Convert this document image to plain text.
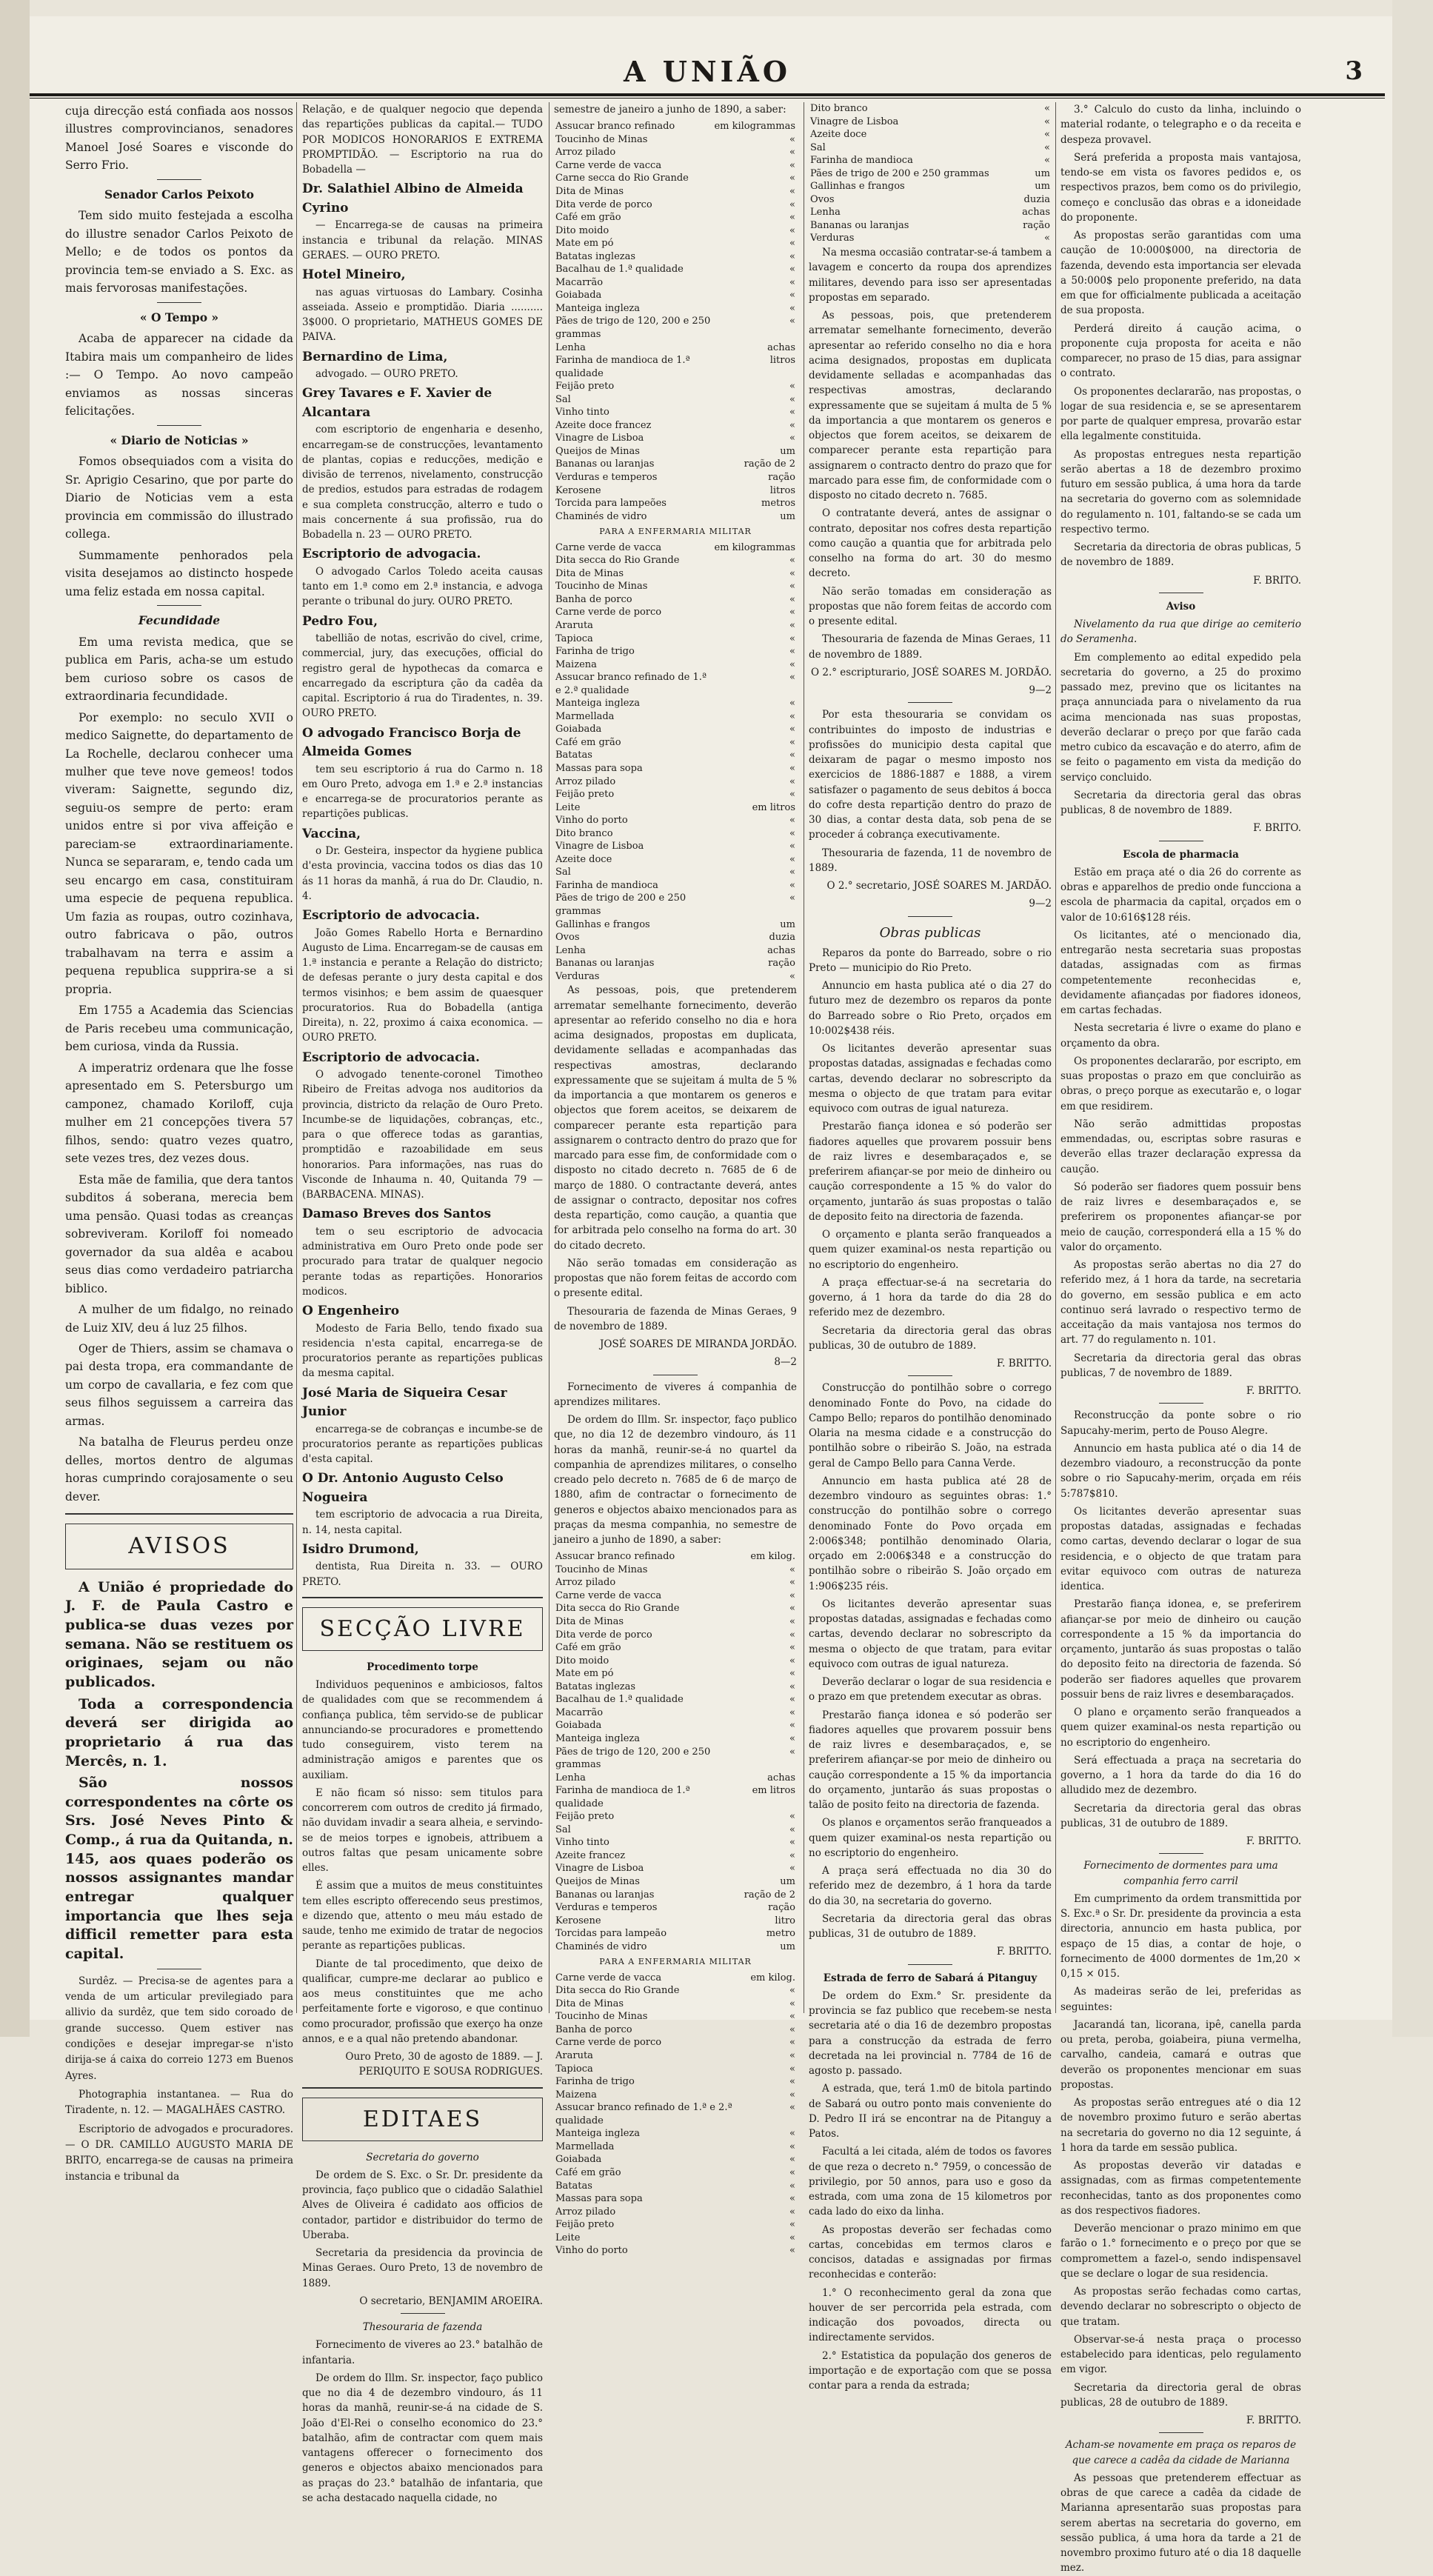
A UNIÃO	3

cuja direcção está confiada aos nossos illustres comprovincianos, senadores Manoel José Soares e visconde do Serro Frio.

Senador Carlos Peixoto

Tem sido muito festejada a escolha do illustre senador Carlos Peixoto de Mello; e de todos os pontos da provincia tem-se enviado a S. Exc. as mais fervorosas manifestações.

« O Tempo »

Acaba de apparecer na cidade da Itabira mais um companheiro de lides :— O Tempo. Ao novo campeão enviamos as nossas sinceras felicitações.

« Diario de Noticias »

Fomos obsequiados com a visita do Sr. Aprigio Cesarino, que por parte do Diario de Noticias vem a esta provincia em commissão do illustrado collega.

Summamente penhorados pela visita desejamos ao distincto hospede uma feliz estada em nossa capital.

Fecundidade

Em uma revista medica, que se publica em Paris, acha-se um estudo bem curioso sobre os casos de extraordinaria fecundidade.

Por exemplo: no seculo XVII o medico Saignette, do departamento de La Rochelle, declarou conhecer uma mulher que teve nove gemeos! todos viveram: Saignette, segundo diz, seguiu-os sempre de perto: eram unidos entre si por viva affeição e pareciam-se extraordinariamente. Nunca se separaram, e, tendo cada um seu encargo em casa, constituiram uma especie de pequena republica. Um fazia as roupas, outro cozinhava, outro fabricava o pão, outros trabalhavam na terra e assim a pequena republica supprira-se a si propria.

Em 1755 a Academia das Sciencias de Paris recebeu uma communicação, bem curiosa, vinda da Russia.

A imperatriz ordenara que lhe fosse apresentado em S. Petersburgo um camponez, chamado Koriloff, cuja mulher em 21 concepções tivera 57 filhos, sendo: quatro vezes quatro, sete vezes tres, dez vezes dous.

Esta mãe de familia, que dera tantos subditos á soberana, merecia bem uma pensão. Quasi todas as creanças sobreviveram. Koriloff foi nomeado governador da sua aldêa e acabou seus dias como verdadeiro patriarcha biblico.

A mulher de um fidalgo, no reinado de Luiz XIV, deu á luz 25 filhos.

Oger de Thiers, assim se chamava o pai desta tropa, era commandante de um corpo de cavallaria, e fez com que seus filhos seguissem a carreira das armas.

Na batalha de Fleurus perdeu onze delles, mortos dentro de algumas horas cumprindo corajosamente o seu dever.

AVISOS

A União é propriedade do J. F. de Paula Castro e publica-se duas vezes por semana. Não se restituem os originaes, sejam ou não publicados.

Toda a correspondencia deverá ser dirigida ao proprietario á rua das Mercês, n. 1.

São nossos correspondentes na côrte os Srs. José Neves Pinto & Comp., á rua da Quitanda, n. 145, aos quaes poderão os nossos assignantes mandar entregar qualquer importancia que lhes seja difficil remetter para esta capital.

Surdêz. — Precisa-se de agentes para a venda de um articular previlegiado para allivio da surdêz, que tem sido coroado de grande successo. Quem estiver nas condições e desejar impregar-se n'isto dirija-se á caixa do correio 1273 em Buenos Ayres.

Photographia instantanea. — Rua do Tiradente, n. 12. — MAGALHÃES CASTRO.

Escriptorio de advogados e procuradores. — O DR. CAMILLO AUGUSTO MARIA DE BRITO, encarrega-se de causas na primeira instancia e tribunal da

Relação, e de qualquer negocio que dependa das repartições publicas da capital.— TUDO POR MODICOS HONORARIOS E EXTREMA PROMPTIDÃO. — Escriptorio na rua do Bobadella —

Dr. Salathiel Albino de Almeida Cyrino

— Encarrega-se de causas na primeira instancia e tribunal da relação. MINAS GERAES. — OURO PRETO.

Hotel Mineiro,

nas aguas virtuosas do Lambary. Cosinha asseiada. Asseio e promptidão. Diaria .......... 3$000. O proprietario, MATHEUS GOMES DE PAIVA.

Bernardino de Lima,

advogado. — OURO PRETO.

Grey Tavares e F. Xavier de Alcantara

com escriptorio de engenharia e desenho, encarregam-se de construcções, levantamento de plantas, copias e reducções, medição e divisão de terrenos, nivelamento, construcção de predios, estudos para estradas de rodagem e sua completa construcção, alterro e tudo o mais concernente á sua profissão, rua do Bobadella n. 23 — OURO PRETO.

Escriptorio de advogacia.

O advogado Carlos Toledo aceita causas tanto em 1.ª como em 2.ª instancia, e advoga perante o tribunal do jury. OURO PRETO.

Pedro Fou,

tabellião de notas, escrivão do civel, crime, commercial, jury, das execuções, official do registro geral de hypothecas da comarca e encarregado da escriptura ção da cadêa da capital. Escriptorio á rua do Tiradentes, n. 39. OURO PRETO.

O advogado Francisco Borja de Almeida Gomes

tem seu escriptorio á rua do Carmo n. 18 em Ouro Preto, advoga em 1.ª e 2.ª instancias e encarrega-se de procuratorios perante as repartições publicas.

Vaccina,

o Dr. Gesteira, inspector da hygiene publica d'esta provincia, vaccina todos os dias das 10 ás 11 horas da manhã, á rua do Dr. Claudio, n. 4.

Escriptorio de advocacia.

João Gomes Rabello Horta e Bernardino Augusto de Lima. Encarregam-se de causas em 1.ª instancia e perante a Relação do districto; de defesas perante o jury desta capital e dos termos visinhos; e bem assim de quaesquer procuratorios. Rua do Bobadella (antiga Direita), n. 22, proximo á caixa economica. — OURO PRETO.

Escriptorio de advocacia.

O advogado tenente-coronel Timotheo Ribeiro de Freitas advoga nos auditorios da provincia, districto da relação de Ouro Preto. Incumbe-se de liquidações, cobranças, etc., para o que offerece todas as garantias, promptidão e razoabilidade em seus honorarios. Para informações, nas ruas do Visconde de Inhauma n. 40, Quitanda 79 — (BARBACENA. MINAS).

Damaso Breves dos Santos

tem o seu escriptorio de advocacia administrativa em Ouro Preto onde pode ser procurado para tratar de qualquer negocio perante todas as repartições. Honorarios modicos.

O Engenheiro

Modesto de Faria Bello, tendo fixado sua residencia n'esta capital, encarrega-se de procuratorios perante as repartições publicas da mesma capital.

José Maria de Siqueira Cesar Junior

encarrega-se de cobranças e incumbe-se de procuratorios perante as repartições publicas d'esta capital.

O Dr. Antonio Augusto Celso Nogueira

tem escriptorio de advocacia a rua Direita, n. 14, nesta capital.

Isidro Drumond,

dentista, Rua Direita n. 33. — OURO PRETO.

SECÇÃO LIVRE
Procedimento torpe

Individuos pequeninos e ambiciosos, faltos de qualidades com que se recommendem á confiança publica, têm servido-se de publicar annunciando-se procuradores e promettendo tudo conseguirem, visto terem na administração amigos e parentes que os auxiliam.

E não ficam só nisso: sem titulos para concorrerem com outros de credito já firmado, não duvidam invadir a seara alheia, e servindo-se de meios torpes e ignobeis, attribuem a outros faltas que pesam unicamente sobre elles.

É assim que a muitos de meus constituintes tem elles escripto offerecendo seus prestimos, e dizendo que, attento o meu máu estado de saude, tenho me eximido de tratar de negocios perante as repartições publicas.

Diante de tal procedimento, que deixo de qualificar, cumpre-me declarar ao publico e aos meus constituintes que me acho perfeitamente forte e vigoroso, e que continuo como procurador, profissão que exerço ha onze annos, e e a qual não pretendo abandonar.

Ouro Preto, 30 de agosto de 1889. — J. PERIQUITO E SOUSA RODRIGUES.

EDITAES
Secretaria do governo

De ordem de S. Exc. o Sr. Dr. presidente da provincia, faço publico que o cidadão Salathiel Alves de Oliveira é cadidato aos officios de contador, partidor e distribuidor do termo de Uberaba.

Secretaria da presidencia da provincia de Minas Geraes. Ouro Preto, 13 de novembro de 1889.

O secretario, BENJAMIM AROEIRA.

Thesouraria de fazenda

Fornecimento de viveres ao 23.° batalhão de infantaria.

De ordem do Illm. Sr. inspector, faço publico que no dia 4 de dezembro vindouro, ás 11 horas da manhã, reunir-se-á na cidade de S. João d'El-Rei o conselho economico do 23.° batalhão, afim de contractar com quem mais vantagens offerecer o fornecimento dos generos e objectos abaixo mencionados para as praças do 23.° batalhão de infantaria, que se acha destacado naquella cidade, no

semestre de janeiro a junho de 1890, a saber:

Assucar branco refinado	em kilogrammas
Toucinho de Minas	«
Arroz pilado	«
Carne verde de vacca	«
Carne secca do Rio Grande	«
Dita de Minas	«
Dita verde de porco	«
Café em grão	«
Dito moido	«
Mate em pó	«
Batatas inglezas	«
Bacalhau de 1.ª qualidade	«
Macarrão	«
Goiabada	«
Manteiga ingleza	«
Pães de trigo de 120, 200 e 250 grammas	«
Lenha	achas
Farinha de mandioca de 1.ª qualidade	litros
Feijão preto	«
Sal	«
Vinho tinto	«
Azeite doce francez	«
Vinagre de Lisboa	«
Queijos de Minas	um
Bananas ou laranjas	ração de 2
Verduras e temperos	ração
Kerosene	litros
Torcida para lampeões	metros
Chaminés de vidro	um

PARA A ENFERMARIA MILITAR

Carne verde de vacca	em kilogrammas
Dita secca do Rio Grande	«
Dita de Minas	«
Toucinho de Minas	«
Banha de porco	«
Carne verde de porco	«
Araruta	«
Tapioca	«
Farinha de trigo	«
Maizena	«
Assucar branco refinado de 1.ª e 2.ª qualidade	«
Manteiga ingleza	«
Marmellada	«
Goiabada	«
Café em grão	«
Batatas	«
Massas para sopa	«
Arroz pilado	«
Feijão preto	«
Leite	em litros
Vinho do porto	«
Dito branco	«
Vinagre de Lisboa	«
Azeite doce	«
Sal	«
Farinha de mandioca	«
Pães de trigo de 200 e 250 grammas	«
Gallinhas e frangos	um
Ovos	duzia
Lenha	achas
Bananas ou laranjas	ração
Verduras	«

As pessoas, pois, que pretenderem arrematar semelhante fornecimento, deverão apresentar ao referido conselho no dia e hora acima designados, propostas em duplicata, devidamente selladas e acompanhadas das respectivas amostras, declarando expressamente que se sujeitam á multa de 5 % da importancia a que montarem os generos e objectos que forem aceitos, se deixarem de comparecer perante esta repartição para assignarem o contracto dentro do prazo que for marcado para esse fim, de conformidade com o disposto no citado decreto n. 7685 de 6 de março de 1880. O contractante deverá, antes de assignar o contracto, depositar nos cofres desta repartição, como caução, a quantia que for arbitrada pelo conselho na forma do art. 30 do citado decreto.

Não serão tomadas em consideração as propostas que não forem feitas de accordo com o presente edital.

Thesouraria de fazenda de Minas Geraes, 9 de novembro de 1889.

JOSÉ SOARES DE MIRANDA JORDÃO.

8—2

Fornecimento de viveres á companhia de aprendizes militares.

De ordem do Illm. Sr. inspector, faço publico que, no dia 12 de dezembro vindouro, ás 11 horas da manhã, reunir-se-á no quartel da companhia de aprendizes militares, o conselho creado pelo decreto n. 7685 de 6 de março de 1880, afim de contractar o fornecimento de generos e objectos abaixo mencionados para as praças da mesma companhia, no semestre de janeiro a junho de 1890, a saber:

Assucar branco refinado	em kilog.
Toucinho de Minas	«
Arroz pilado	«
Carne verde de vacca	«
Dita secca do Rio Grande	«
Dita de Minas	«
Dita verde de porco	«
Café em grão	«
Dito moido	«
Mate em pó	«
Batatas inglezas	«
Bacalhau de 1.ª qualidade	«
Macarrão	«
Goiabada	«
Manteiga ingleza	«
Pães de trigo de 120, 200 e 250 grammas	«
Lenha	achas
Farinha de mandioca de 1.ª qualidade	em litros
Feijão preto	«
Sal	«
Vinho tinto	«
Azeite francez	«
Vinagre de Lisboa	«
Queijos de Minas	um
Bananas ou laranjas	ração de 2
Verduras e temperos	ração
Kerosene	litro
Torcidas para lampeão	metro
Chaminés de vidro	um

PARA A ENFERMARIA MILITAR

Carne verde de vacca	em kilog.
Dita secca do Rio Grande	«
Dita de Minas	«
Toucinho de Minas	«
Banha de porco	«
Carne verde de porco	«
Araruta	«
Tapioca	«
Farinha de trigo	«
Maizena	«
Assucar branco refinado de 1.ª e 2.ª qualidade	«
Manteiga ingleza	«
Marmellada	«
Goiabada	«
Café em grão	«
Batatas	«
Massas para sopa	«
Arroz pilado	«
Feijão preto	«
Leite	«
Vinho do porto	«
Dito branco	«
Vinagre de Lisboa	«
Azeite doce	«
Sal	«
Farinha de mandioca	«
Pães de trigo de 200 e 250 grammas	um
Gallinhas e frangos	um
Ovos	duzia
Lenha	achas
Bananas ou laranjas	ração
Verduras	«

Na mesma occasião contratar-se-á tambem a lavagem e concerto da roupa dos aprendizes militares, devendo para isso ser apresentadas propostas em separado.

As pessoas, pois, que pretenderem arrematar semelhante fornecimento, deverão apresentar ao referido conselho no dia e hora acima designados, propostas em duplicata devidamente selladas e acompanhadas das respectivas amostras, declarando expressamente que se sujeitam á multa de 5 % da importancia a que montarem os generos e objectos que forem aceitos, se deixarem de comparecer perante esta repartição para assignarem o contracto dentro do prazo que for marcado para esse fim, de conformidade com o disposto no citado decreto n. 7685.

O contratante deverá, antes de assignar o contrato, depositar nos cofres desta repartição como caução a quantia que for arbitrada pelo conselho na forma do art. 30 do mesmo decreto.

Não serão tomadas em consideração as propostas que não forem feitas de accordo com o presente edital.

Thesouraria de fazenda de Minas Geraes, 11 de novembro de 1889.

O 2.° escripturario, JOSÉ SOARES M. JORDÃO.

9—2

Por esta thesouraria se convidam os contribuintes do imposto de industrias e profissões do municipio desta capital que deixaram de pagar o mesmo imposto nos exercicios de 1886-1887 e 1888, a virem satisfazer o pagamento de seus debitos á bocca do cofre desta repartição dentro do prazo de 30 dias, a contar desta data, sob pena de se proceder á cobrança executivamente.

Thesouraria de fazenda, 11 de novembro de 1889.

O 2.° secretario, JOSÉ SOARES M. JARDÃO.

9—2

Obras publicas

Reparos da ponte do Barreado, sobre o rio Preto — municipio do Rio Preto.

Annuncio em hasta publica até o dia 27 do futuro mez de dezembro os reparos da ponte do Barreado sobre o Rio Preto, orçados em 10:002$438 réis.

Os licitantes deverão apresentar suas propostas datadas, assignadas e fechadas como cartas, devendo declarar no sobrescripto da mesma o objecto de que tratam para evitar equivoco com outras de igual natureza.

Prestarão fiança idonea e só poderão ser fiadores aquelles que provarem possuir bens de raiz livres e desembaraçados e, se preferirem afiançar-se por meio de dinheiro ou caução correspondente a 15 % do valor do orçamento, juntarão ás suas propostas o talão de deposito feito na directoria de fazenda.

O orçamento e planta serão franqueados a quem quizer examinal-os nesta repartição ou no escriptorio do engenheiro.

A praça effectuar-se-á na secretaria do governo, á 1 hora da tarde do dia 28 do referido mez de dezembro.

Secretaria da directoria geral das obras publicas, 30 de outubro de 1889.

F. BRITTO.

Construcção do pontilhão sobre o corrego denominado Fonte do Povo, na cidade do Campo Bello; reparos do pontilhão denominado Olaria na mesma cidade e a construcção do pontilhão sobre o ribeirão S. João, na estrada geral de Campo Bello para Canna Verde.

Annuncio em hasta publica até 28 de dezembro vindouro as seguintes obras: 1.° construcção do pontilhão sobre o corrego denominado Fonte do Povo orçada em 2:006$348; pontilhão denominado Olaria, orçado em 2:006$348 e a construcção do pontilhão sobre o ribeirão S. João orçado em 1:906$235 réis.

Os licitantes deverão apresentar suas propostas datadas, assignadas e fechadas como cartas, devendo declarar no sobrescripto da mesma o objecto de que tratam, para evitar equivoco com outras de igual natureza.

Deverão declarar o logar de sua residencia e o prazo em que pretendem executar as obras.

Prestarão fiança idonea e só poderão ser fiadores aquelles que provarem possuir bens de raiz livres e desembaraçados, e, se preferirem afiançar-se por meio de dinheiro ou caução correspondente a 15 % da importancia do orçamento, juntarão ás suas propostas o talão de posito feito na directoria de fazenda.

Os planos e orçamentos serão franqueados a quem quizer examinal-os nesta repartição ou no escriptorio do engenheiro.

A praça será effectuada no dia 30 do referido mez de dezembro, á 1 hora da tarde do dia 30, na secretaria do governo.

Secretaria da directoria geral das obras publicas, 31 de outubro de 1889.

F. BRITTO.

Estrada de ferro de Sabará á Pitanguy

De ordem do Exm.° Sr. presidente da provincia se faz publico que recebem-se nesta secretaria até o dia 16 de dezembro propostas para a construcção da estrada de ferro decretada na lei provincial n. 7784 de 16 de agosto p. passado.

A estrada, que, terá 1.m0 de bitola partindo de Sabará ou outro ponto mais conveniente do D. Pedro II irá se encontrar na de Pitanguy a Patos.

Facultá a lei citada, além de todos os favores de que reza o decreto n.° 7959, o concessão de privilegio, por 50 annos, para uso e goso da estrada, com uma zona de 15 kilometros por cada lado do eixo da linha.

As propostas deverão ser fechadas como cartas, concebidas em termos claros e concisos, datadas e assignadas por firmas reconhecidas e conterão:

1.° O reconhecimento geral da zona que houver de ser percorrida pela estrada, com indicação dos povoados, directa ou indirectamente servidos.

2.° Estatistica da população dos generos de importação e de exportação com que se possa contar para a renda da estrada;

3.° Calculo do custo da linha, incluindo o material rodante, o telegrapho e o da receita e despeza provavel.

Será preferida a proposta mais vantajosa, tendo-se em vista os favores pedidos e, os respectivos prazos, bem como os do privilegio, começo e conclusão das obras e a idoneidade do proponente.

As propostas serão garantidas com uma caução de 10:000$000, na directoria de fazenda, devendo esta importancia ser elevada a 50:000$ pelo proponente preferido, na data em que for officialmente publicada a aceitação de sua proposta.

Perderá direito á caução acima, o proponente cuja proposta for aceita e não comparecer, no praso de 15 dias, para assignar o contrato.

Os proponentes declararão, nas propostas, o logar de sua residencia e, se se apresentarem por parte de qualquer empresa, provarão estar ella legalmente constituida.

As propostas entregues nesta repartição serão abertas a 18 de dezembro proximo futuro em sessão publica, á uma hora da tarde na secretaria do governo com as solemnidade do regulamento n. 101, faltando-se se cada um respectivo termo.

Secretaria da directoria de obras publicas, 5 de novembro de 1889.

F. BRITO.

Aviso

Nivelamento da rua que dirige ao cemiterio do Seramenha.

Em complemento ao edital expedido pela secretaria do governo, a 25 do proximo passado mez, previno que os licitantes na praça annunciada para o nivelamento da rua acima mencionada nas suas propostas, deverão declarar o preço por que farão cada metro cubico da escavação e do aterro, afim de se feito o pagamento em vista da medição do serviço concluido.

Secretaria da directoria geral das obras publicas, 8 de novembro de 1889.

F. BRITO.

Escola de pharmacia

Estão em praça até o dia 26 do corrente as obras e apparelhos de predio onde funcciona a escola de pharmacia da capital, orçados em o valor de 10:616$128 réis.

Os licitantes, até o mencionado dia, entregarão nesta secretaria suas propostas datadas, assignadas com as firmas competentemente reconhecidas e, devidamente afiançadas por fiadores idoneos, em cartas fechadas.

Nesta secretaria é livre o exame do plano e orçamento da obra.

Os proponentes declararão, por escripto, em suas propostas o prazo em que concluirão as obras, o preço porque as executarão e, o logar em que residirem.

Não serão admittidas propostas emmendadas, ou, escriptas sobre rasuras e deverão ellas trazer declaração expressa da caução.

Só poderão ser fiadores quem possuir bens de raiz livres e desembaraçados e, se preferirem os proponentes afiançar-se por meio de caução, corresponderá ella a 15 % do valor do orçamento.

As propostas serão abertas no dia 27 do referido mez, á 1 hora da tarde, na secretaria do governo, em sessão publica e em acto continuo será lavrado o respectivo termo de acceitação da mais vantajosa nos termos do art. 77 do regulamento n. 101.

Secretaria da directoria geral das obras publicas, 7 de novembro de 1889.

F. BRITTO.

Reconstrucção da ponte sobre o rio Sapucahy-merim, perto de Pouso Alegre.

Annuncio em hasta publica até o dia 14 de dezembro viadouro, a reconstrucção da ponte sobre o rio Sapucahy-merim, orçada em réis 5:787$810.

Os licitantes deverão apresentar suas propostas datadas, assignadas e fechadas como cartas, devendo declarar o logar de sua residencia, e o objecto de que tratam para evitar equivoco com outras de natureza identica.

Prestarão fiança idonea, e, se preferirem afiançar-se por meio de dinheiro ou caução correspondente a 15 % da importancia do orçamento, juntarão ás suas propostas o talão do deposito feito na directoria de fazenda. Só poderão ser fiadores aquelles que provarem possuir bens de raiz livres e desembaraçados.

O plano e orçamento serão franqueados a quem quizer examinal-os nesta repartição ou no escriptorio do engenheiro.

Será effectuada a praça na secretaria do governo, a 1 hora da tarde do dia 16 do alludido mez de dezembro.

Secretaria da directoria geral das obras publicas, 31 de outubro de 1889.

F. BRITTO.

Fornecimento de dormentes para uma companhia ferro carril

Em cumprimento da ordem transmittida por S. Exc.ª o Sr. Dr. presidente da provincia a esta directoria, annuncio em hasta publica, por espaço de 15 dias, a contar de hoje, o fornecimento de 4000 dormentes de 1m,20 × 0,15 × 015.

As madeiras serão de lei, preferidas as seguintes:

Jacarandá tan, licorana, ipê, canella parda ou preta, peroba, goiabeira, piuna vermelha, carvalho, candeia, camará e outras que deverão os proponentes mencionar em suas propostas.

As propostas serão entregues até o dia 12 de novembro proximo futuro e serão abertas na secretaria do governo no dia 12 seguinte, á 1 hora da tarde em sessão publica.

As propostas deverão vir datadas e assignadas, com as firmas competentemente reconhecidas, tanto as dos proponentes como as dos respectivos fiadores.

Deverão mencionar o prazo minimo em que farão o 1.° fornecimento e o preço por que se compromettem a fazel-o, sendo indispensavel que se declare o logar de sua residencia.

As propostas serão fechadas como cartas, devendo declarar no sobrescripto o objecto de que tratam.

Observar-se-á nesta praça o processo estabelecido para identicas, pelo regulamento em vigor.

Secretaria da directoria geral de obras publicas, 28 de outubro de 1889.

F. BRITTO.

Acham-se novamente em praça os reparos de que carece a cadêa da cidade de Marianna

As pessoas que pretenderem effectuar as obras de que carece a cadêa da cidade de Marianna apresentarão suas propostas para serem abertas na secretaria do governo, em sessão publica, á uma hora da tarde a 21 de novembro proximo futuro até o dia 18 daquelle mez.
